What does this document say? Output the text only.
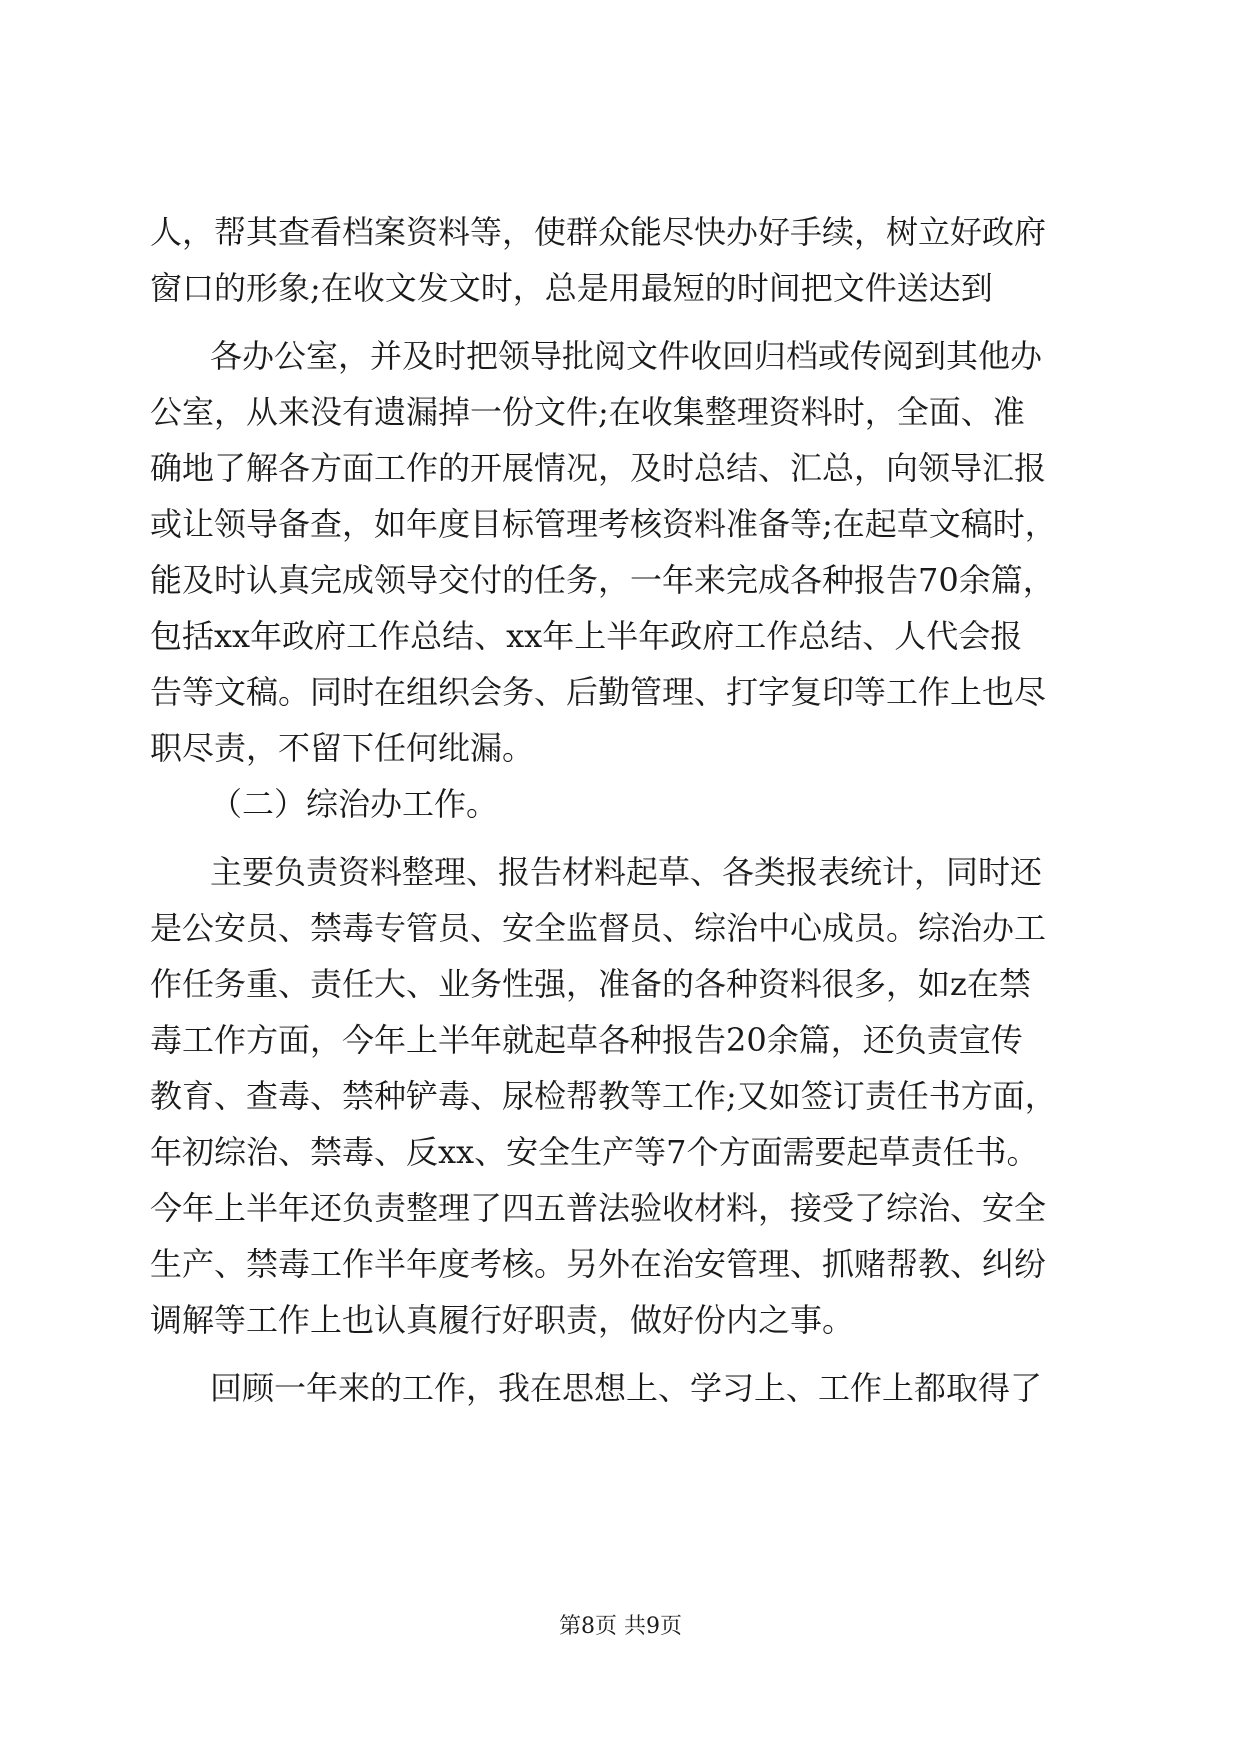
人，帮其查看档案资料等，使群众能尽快办好手续，树立好政府
窗口的形象;在收文发文时，总是用最短的时间把文件送达到
各办公室，并及时把领导批阅文件收回归档或传阅到其他办
公室，从来没有遗漏掉一份文件;在收集整理资料时，全面、准
确地了解各方面工作的开展情况，及时总结、汇总，向领导汇报
或让领导备查，如年度目标管理考核资料准备等;在起草文稿时，
能及时认真完成领导交付的任务，一年来完成各种报告70余篇，
包括xx年政府工作总结、xx年上半年政府工作总结、人代会报
告等文稿。同时在组织会务、后勤管理、打字复印等工作上也尽
职尽责，不留下任何纰漏。
（二）综治办工作。
主要负责资料整理、报告材料起草、各类报表统计，同时还
是公安员、禁毒专管员、安全监督员、综治中心成员。综治办工
作任务重、责任大、业务性强，准备的各种资料很多，如z在禁
毒工作方面，今年上半年就起草各种报告20余篇，还负责宣传
教育、查毒、禁种铲毒、尿检帮教等工作;又如签订责任书方面，
年初综治、禁毒、反xx、安全生产等7个方面需要起草责任书。
今年上半年还负责整理了四五普法验收材料，接受了综治、安全
生产、禁毒工作半年度考核。另外在治安管理、抓赌帮教、纠纷
调解等工作上也认真履行好职责，做好份内之事。
回顾一年来的工作，我在思想上、学习上、工作上都取得了
第8页 共9页
